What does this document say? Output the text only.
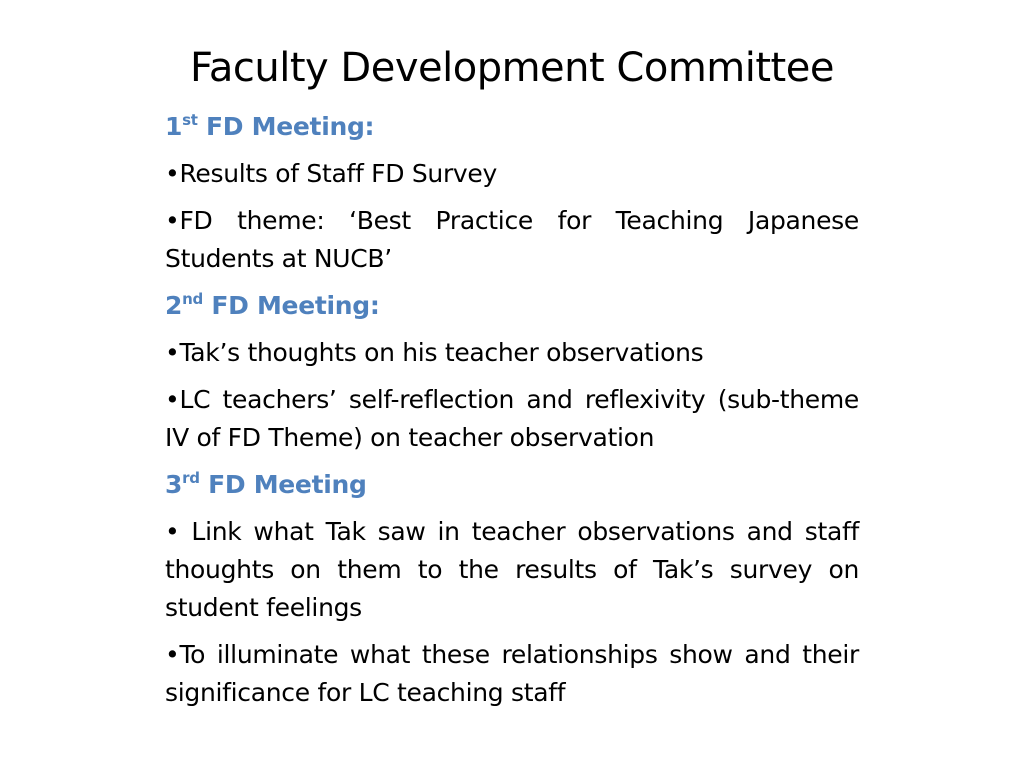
Faculty Development Committee
1st FD Meeting:
•Results of Staff FD Survey
•FD theme: ‘Best Practice for Teaching Japanese Students at NUCB’
2nd FD Meeting:
•Tak’s thoughts on his teacher observations
•LC teachers’ self-reflection and reflexivity (sub-theme IV of FD Theme) on teacher observation
3rd FD Meeting
• Link what Tak saw in teacher observations and staff thoughts on them to the results of Tak’s survey on student feelings
•To illuminate what these relationships show and their significance for LC teaching staff
